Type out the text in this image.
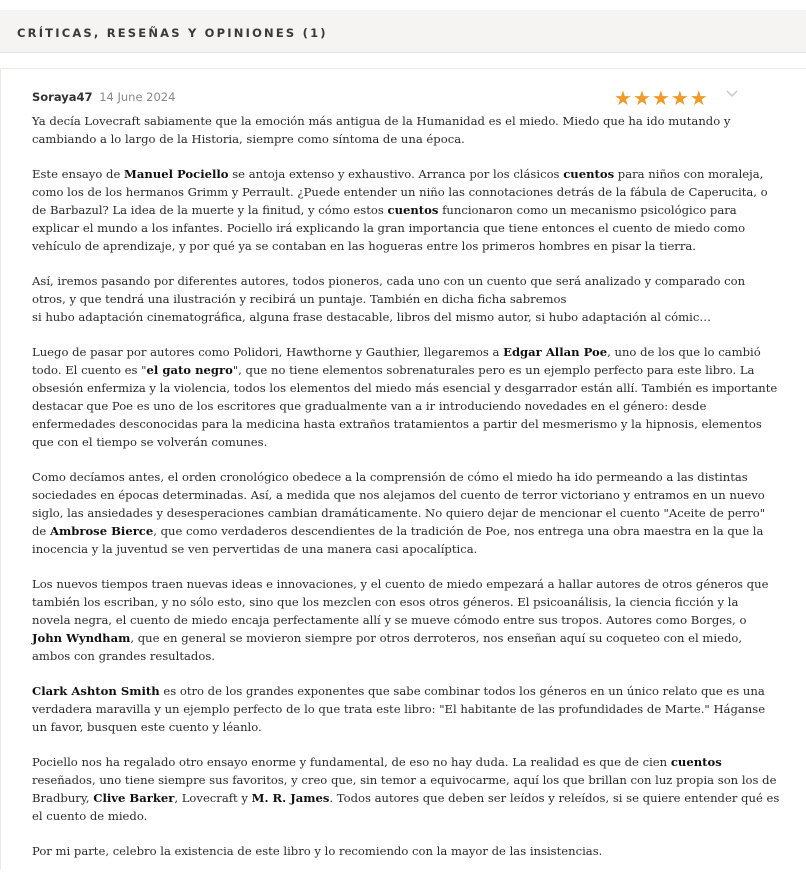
CRÍTICAS, RESEÑAS Y OPINIONES (1)
Soraya47 14 June 2024	★ ★ ★ ★ ★

Ya decía Lovecraft sabiamente que la emoción más antigua de la Humanidad es el miedo. Miedo que ha ido mutando y cambiando a lo largo de la Historia, siempre como síntoma de una época.

Este ensayo de Manuel Pociello se antoja extenso y exhaustivo. Arranca por los clásicos cuentos para niños con moraleja, como los de los hermanos Grimm y Perrault. ¿Puede entender un niño las connotaciones detrás de la fábula de Caperucita, o de Barbazul? La idea de la muerte y la finitud, y cómo estos cuentos funcionaron como un mecanismo psicológico para explicar el mundo a los infantes. Pociello irá explicando la gran importancia que tiene entonces el cuento de miedo como vehículo de aprendizaje, y por qué ya se contaban en las hogueras entre los primeros hombres en pisar la tierra.

Así, iremos pasando por diferentes autores, todos pioneros, cada uno con un cuento que será analizado y comparado con otros, y que tendrá una ilustración y recibirá un puntaje. También en dicha ficha sabremos
si hubo adaptación cinematográfica, alguna frase destacable, libros del mismo autor, si hubo adaptación al cómic…

Luego de pasar por autores como Polidori, Hawthorne y Gauthier, llegaremos a Edgar Allan Poe, uno de los que lo cambió todo. El cuento es "el gato negro", que no tiene elementos sobrenaturales pero es un ejemplo perfecto para este libro. La obsesión enfermiza y la violencia, todos los elementos del miedo más esencial y desgarrador están allí. También es importante destacar que Poe es uno de los escritores que gradualmente van a ir introduciendo novedades en el género: desde enfermedades desconocidas para la medicina hasta extraños tratamientos a partir del mesmerismo y la hipnosis, elementos que con el tiempo se volverán comunes.

Como decíamos antes, el orden cronológico obedece a la comprensión de cómo el miedo ha ido permeando a las distintas sociedades en épocas determinadas. Así, a medida que nos alejamos del cuento de terror victoriano y entramos en un nuevo siglo, las ansiedades y desesperaciones cambian dramáticamente. No quiero dejar de mencionar el cuento "Aceite de perro" de Ambrose Bierce, que como verdaderos descendientes de la tradición de Poe, nos entrega una obra maestra en la que la inocencia y la juventud se ven pervertidas de una manera casi apocalíptica.

Los nuevos tiempos traen nuevas ideas e innovaciones, y el cuento de miedo empezará a hallar autores de otros géneros que también los escriban, y no sólo esto, sino que los mezclen con esos otros géneros. El psicoanálisis, la ciencia ficción y la novela negra, el cuento de miedo encaja perfectamente allí y se mueve cómodo entre sus tropos. Autores como Borges, o John Wyndham, que en general se movieron siempre por otros derroteros, nos enseñan aquí su coqueteo con el miedo, ambos con grandes resultados.

Clark Ashton Smith es otro de los grandes exponentes que sabe combinar todos los géneros en un único relato que es una verdadera maravilla y un ejemplo perfecto de lo que trata este libro: "El habitante de las profundidades de Marte." Háganse un favor, busquen este cuento y léanlo.

Pociello nos ha regalado otro ensayo enorme y fundamental, de eso no hay duda. La realidad es que de cien cuentos reseñados, uno tiene siempre sus favoritos, y creo que, sin temor a equivocarme, aquí los que brillan con luz propia son los de Bradbury, Clive Barker, Lovecraft y M. R. James. Todos autores que deben ser leídos y releídos, si se quiere entender qué es el cuento de miedo.

Por mi parte, celebro la existencia de este libro y lo recomiendo con la mayor de las insistencias.
